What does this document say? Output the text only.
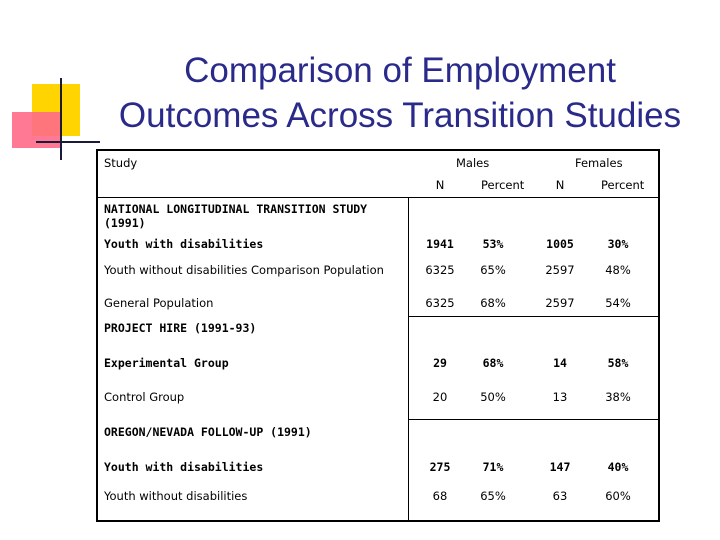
Comparison of Employment
Outcomes Across Transition Studies
Study	Males	Females
N	Percent	N	Percent
NATIONAL LONGITUDINAL TRANSITION STUDY (1991)
Youth with disabilities	1941	53%	1005	30%
Youth without disabilities Comparison Population	6325	65%	2597	48%
General Population	6325	68%	2597	54%
PROJECT HIRE (1991-93)
Experimental Group	29	68%	14	58%
Control Group	20	50%	13	38%
OREGON/NEVADA FOLLOW-UP (1991)
Youth with disabilities	275	71%	147	40%
Youth without disabilities	68	65%	63	60%
